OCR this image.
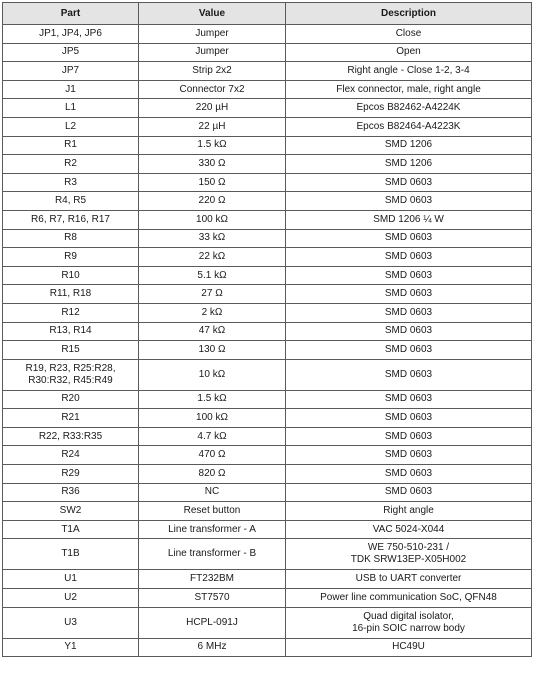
Part	Value	Description
JP1, JP4, JP6	Jumper	Close
JP5	Jumper	Open
JP7	Strip 2x2	Right angle - Close 1-2, 3-4
J1	Connector 7x2	Flex connector, male, right angle
L1	220 µH	Epcos B82462-A4224K
L2	22 µH	Epcos B82464-A4223K
R1	1.5 kΩ	SMD 1206
R2	330 Ω	SMD 1206
R3	150 Ω	SMD 0603
R4, R5	220 Ω	SMD 0603
R6, R7, R16, R17	100 kΩ	SMD 1206 ¼ W
R8	33 kΩ	SMD 0603
R9	22 kΩ	SMD 0603
R10	5.1 kΩ	SMD 0603
R11, R18	27 Ω	SMD 0603
R12	2 kΩ	SMD 0603
R13, R14	47 kΩ	SMD 0603
R15	130 Ω	SMD 0603
R19, R23, R25:R28,
R30:R32, R45:R49	10 kΩ	SMD 0603
R20	1.5 kΩ	SMD 0603
R21	100 kΩ	SMD 0603
R22, R33:R35	4.7 kΩ	SMD 0603
R24	470 Ω	SMD 0603
R29	820 Ω	SMD 0603
R36	NC	SMD 0603
SW2	Reset button	Right angle
T1A	Line transformer - A	VAC 5024-X044
T1B	Line transformer - B	WE 750-510-231 /
TDK SRW13EP-X05H002
U1	FT232BM	USB to UART converter
U2	ST7570	Power line communication SoC, QFN48
U3	HCPL-091J	Quad digital isolator,
16-pin SOIC narrow body
Y1	6 MHz	HC49U
